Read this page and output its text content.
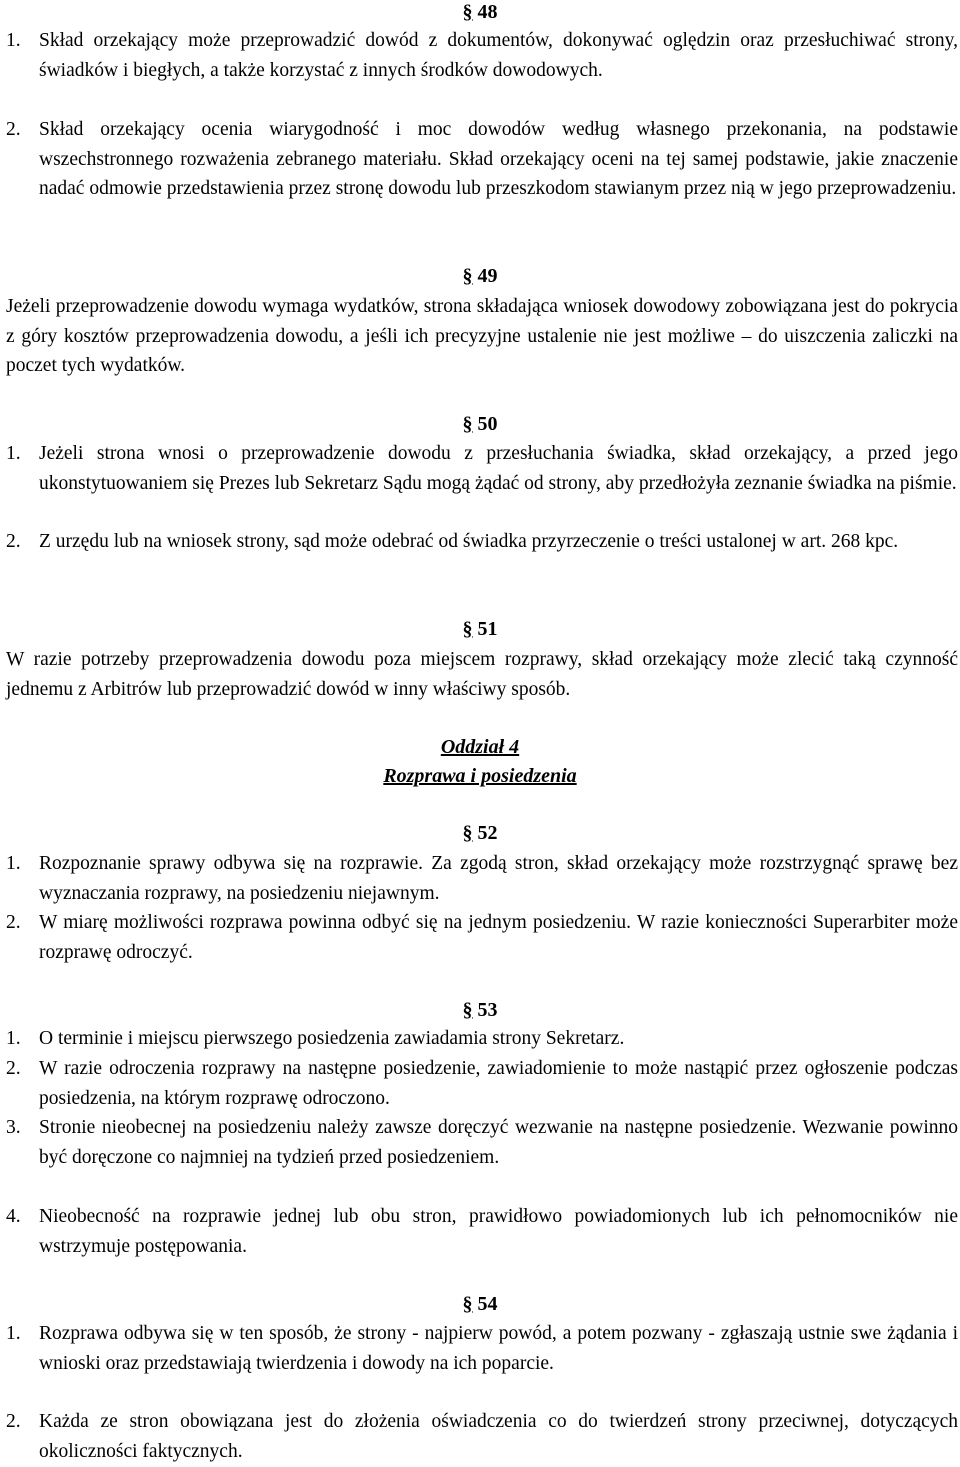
§ 48
1. Skład orzekający może przeprowadzić dowód z dokumentów, dokonywać oględzin oraz przesłuchiwać strony, świadków i biegłych, a także korzystać z innych środków dowodowych.
2. Skład orzekający ocenia wiarygodność i moc dowodów według własnego przekonania, na podstawie wszechstronnego rozważenia zebranego materiału. Skład orzekający oceni na tej samej podstawie, jakie znaczenie nadać odmowie przedstawienia przez stronę dowodu lub przeszkodom stawianym przez nią w jego przeprowadzeniu.
§ 49
Jeżeli przeprowadzenie dowodu wymaga wydatków, strona składająca wniosek dowodowy zobowiązana jest do pokrycia z góry kosztów przeprowadzenia dowodu, a jeśli ich precyzyjne ustalenie nie jest możliwe – do uiszczenia zaliczki na poczet tych wydatków.
§ 50
1. Jeżeli strona wnosi o przeprowadzenie dowodu z przesłuchania świadka, skład orzekający, a przed jego ukonstytuowaniem się Prezes lub Sekretarz Sądu mogą żądać od strony, aby przedłożyła zeznanie świadka na piśmie.
2. Z urzędu lub na wniosek strony, sąd może odebrać od świadka przyrzeczenie o treści ustalonej w art. 268 kpc.
§ 51
W razie potrzeby przeprowadzenia dowodu poza miejscem rozprawy, skład orzekający może zlecić taką czynność jednemu z Arbitrów lub przeprowadzić dowód w inny właściwy sposób.
Oddział 4
Rozprawa i posiedzenia
§ 52
1. Rozpoznanie sprawy odbywa się na rozprawie. Za zgodą stron, skład orzekający może rozstrzygnąć sprawę bez wyznaczania rozprawy, na posiedzeniu niejawnym.
2. W miarę możliwości rozprawa powinna odbyć się na jednym posiedzeniu. W razie konieczności Superarbiter może rozprawę odroczyć.
§ 53
1. O terminie i miejscu pierwszego posiedzenia zawiadamia strony Sekretarz.
2. W razie odroczenia rozprawy na następne posiedzenie, zawiadomienie to może nastąpić przez ogłoszenie podczas posiedzenia, na którym rozprawę odroczono.
3. Stronie nieobecnej na posiedzeniu należy zawsze doręczyć wezwanie na następne posiedzenie. Wezwanie powinno być doręczone co najmniej na tydzień przed posiedzeniem.
4. Nieobecność na rozprawie jednej lub obu stron, prawidłowo powiadomionych lub ich pełnomocników nie wstrzymuje postępowania.
§ 54
1. Rozprawa odbywa się w ten sposób, że strony - najpierw powód, a potem pozwany - zgłaszają ustnie swe żądania i wnioski oraz przedstawiają twierdzenia i dowody na ich poparcie.
2. Każda ze stron obowiązana jest do złożenia oświadczenia co do twierdzeń strony przeciwnej, dotyczących okoliczności faktycznych.
